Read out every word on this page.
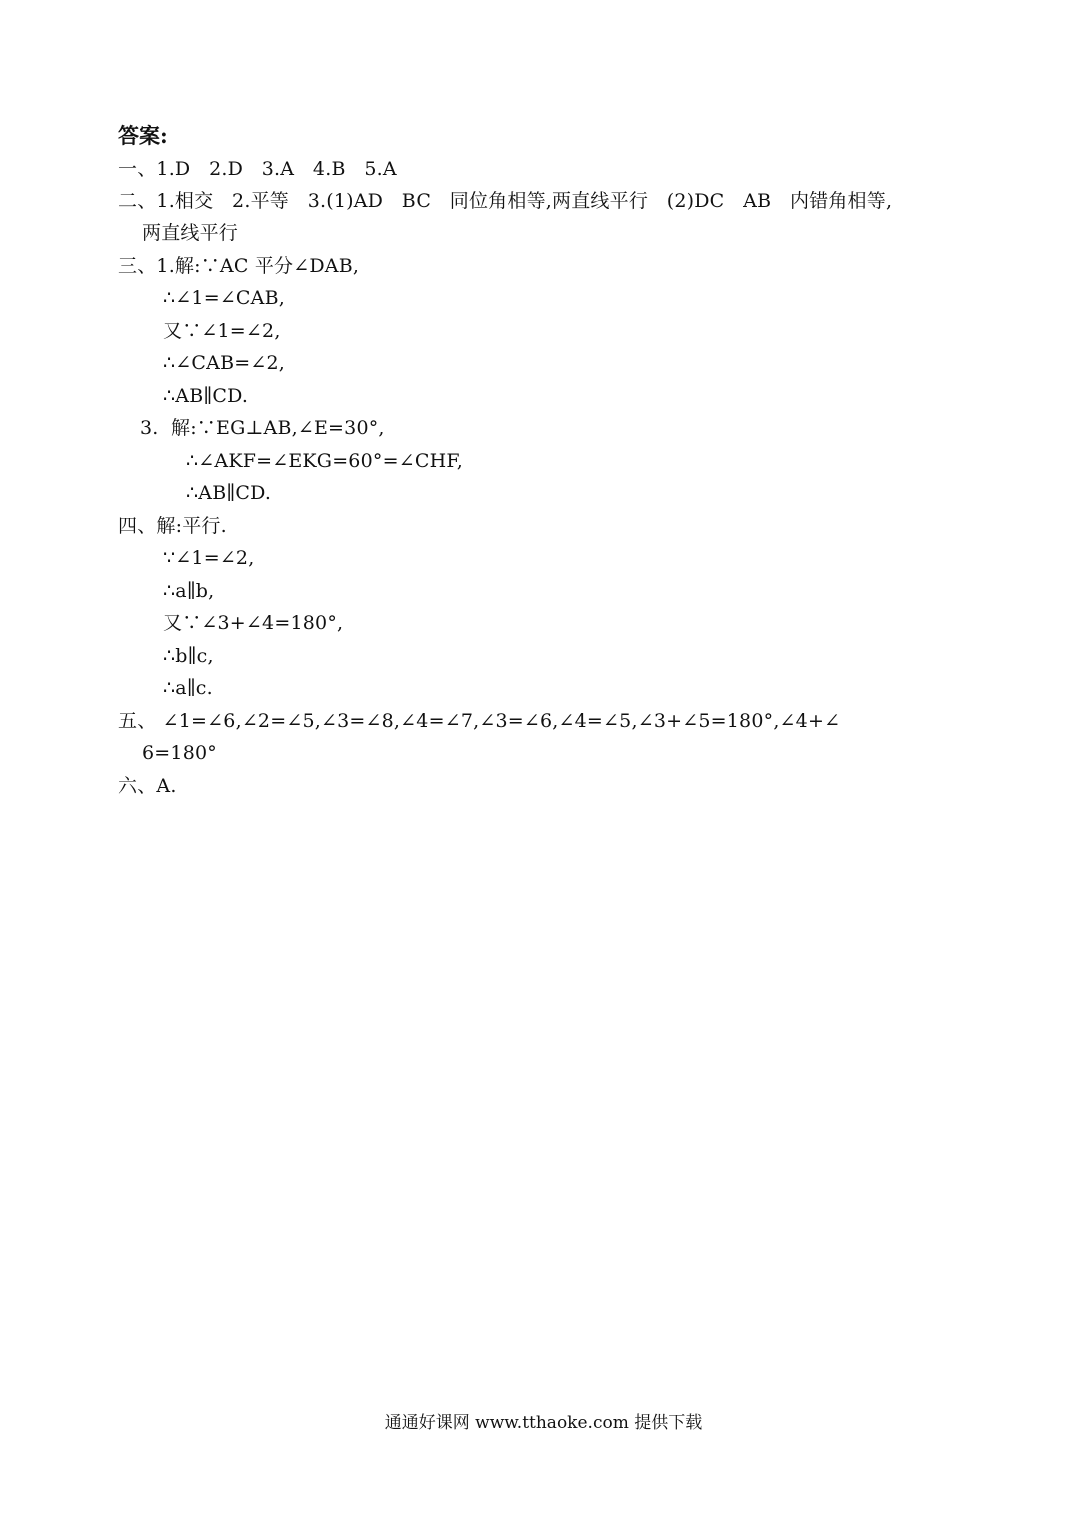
答案:
一、1.D   2.D   3.A   4.B   5.A
二、1.相交   2.平等   3.(1)AD   BC   同位角相等,两直线平行   (2)DC   AB   内错角相等,
两直线平行
三、1.解:∵AC 平分∠DAB,
∴∠1=∠CAB,
又∵∠1=∠2,
∴∠CAB=∠2,
∴AB∥CD.
3.  解:∵EG⊥AB,∠E=30°,
∴∠AKF=∠EKG=60°=∠CHF,
∴AB∥CD.
四、解:平行.
∵∠1=∠2,
∴a∥b,
又∵∠3+∠4=180°,
∴b∥c,
∴a∥c.
五、 ∠1=∠6,∠2=∠5,∠3=∠8,∠4=∠7,∠3=∠6,∠4=∠5,∠3+∠5=180°,∠4+∠
6=180°
六、A.
通通好课网 www.tthaoke.com 提供下载
